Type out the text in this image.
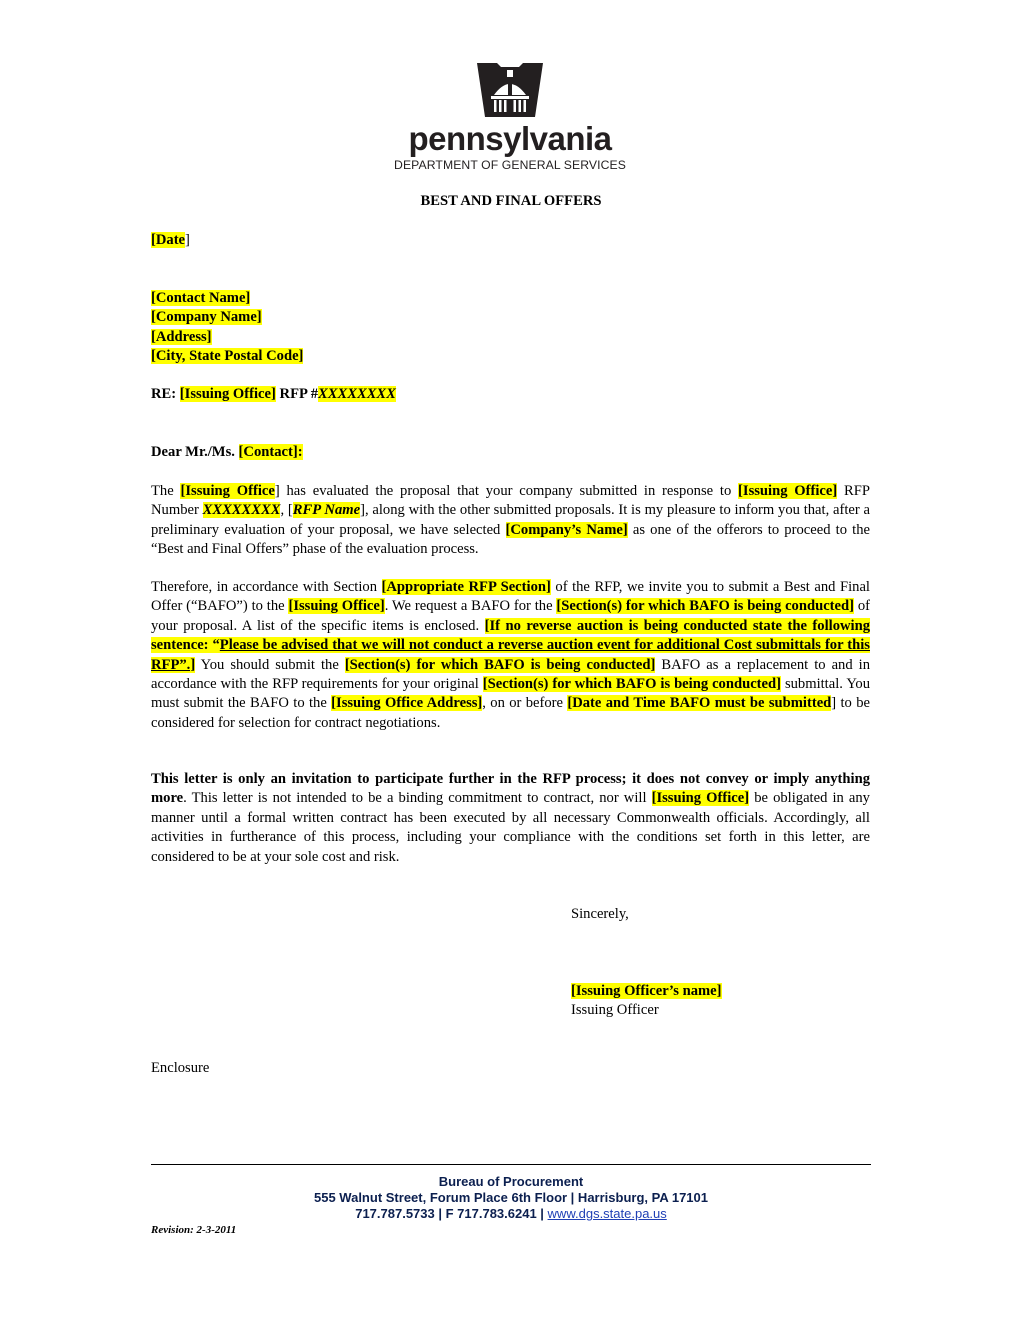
pennsylvania
DEPARTMENT OF GENERAL SERVICES
BEST AND FINAL OFFERS
[Date]
[Contact Name]
[Company Name]
[Address]
[City, State Postal Code]
RE: [Issuing Office] RFP #XXXXXXXX
Dear Mr./Ms. [Contact]:
The [Issuing Office] has evaluated the proposal that your company submitted in response to [Issuing Office] RFP Number XXXXXXXX, [RFP Name], along with the other submitted proposals. It is my pleasure to inform you that, after a preliminary evaluation of your proposal, we have selected [Company’s Name] as one of the offerors to proceed to the “Best and Final Offers” phase of the evaluation process.
Therefore, in accordance with Section [Appropriate RFP Section] of the RFP, we invite you to submit a Best and Final Offer (“BAFO”) to the [Issuing Office]. We request a BAFO for the [Section(s) for which BAFO is being conducted] of your proposal. A list of the specific items is enclosed. [If no reverse auction is being conducted state the following sentence: “Please be advised that we will not conduct a reverse auction event for additional Cost submittals for this RFP”.] You should submit the [Section(s) for which BAFO is being conducted] BAFO as a replacement to and in accordance with the RFP requirements for your original [Section(s) for which BAFO is being conducted] submittal. You must submit the BAFO to the [Issuing Office Address], on or before [Date and Time BAFO must be submitted] to be considered for selection for contract negotiations.
This letter is only an invitation to participate further in the RFP process; it does not convey or imply anything more. This letter is not intended to be a binding commitment to contract, nor will [Issuing Office] be obligated in any manner until a formal written contract has been executed by all necessary Commonwealth officials. Accordingly, all activities in furtherance of this process, including your compliance with the conditions set forth in this letter, are considered to be at your sole cost and risk.
Sincerely,
[Issuing Officer’s name]
Issuing Officer
Enclosure
Bureau of Procurement
555 Walnut Street, Forum Place 6th Floor | Harrisburg, PA 17101
717.787.5733 | F 717.783.6241 | www.dgs.state.pa.us
Revision: 2-3-2011
